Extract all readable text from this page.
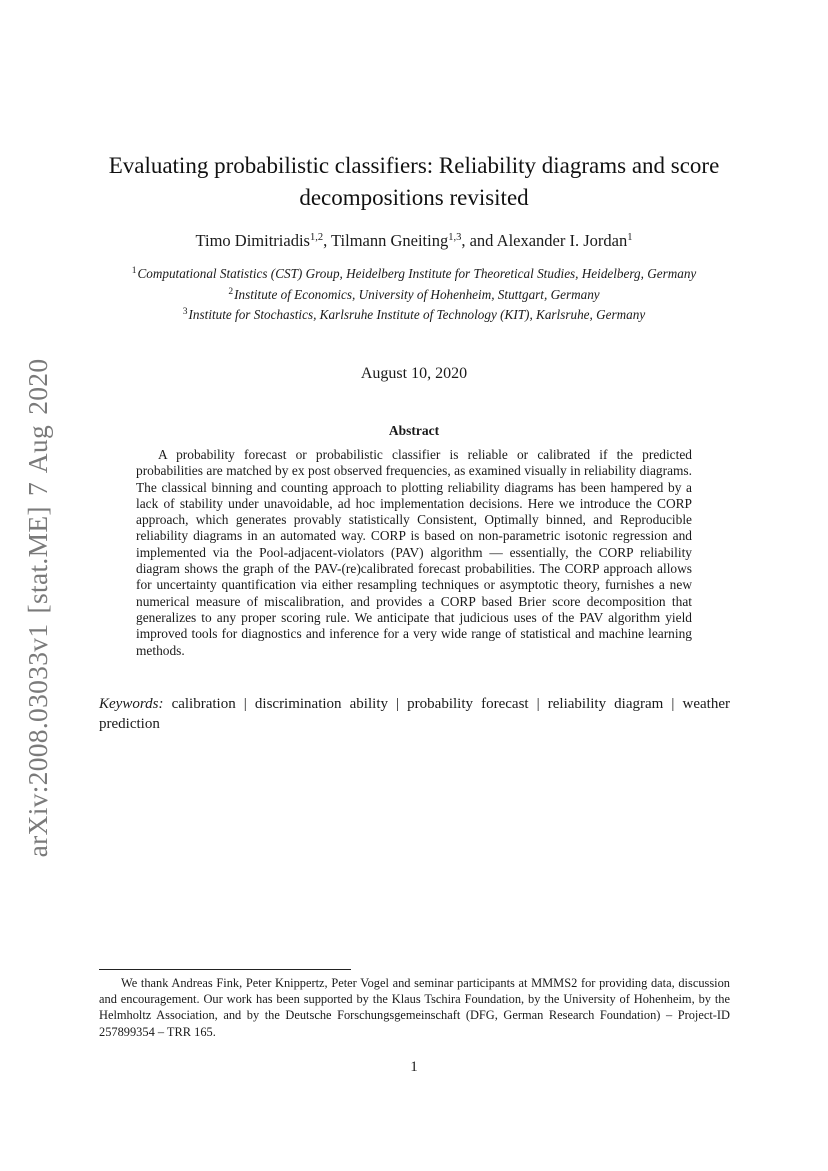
arXiv:2008.03033v1 [stat.ME] 7 Aug 2020
Evaluating probabilistic classifiers: Reliability diagrams and score
decompositions revisited
Timo Dimitriadis$^{1,2}$, Tilmann Gneiting$^{1,3}$, and Alexander I. Jordan$^1$
$^1$Computational Statistics (CST) Group, Heidelberg Institute for Theoretical Studies, Heidelberg, Germany
$^2$Institute of Economics, University of Hohenheim, Stuttgart, Germany
$^3$Institute for Stochastics, Karlsruhe Institute of Technology (KIT), Karlsruhe, Germany
August 10, 2020
Abstract
A probability forecast or probabilistic classifier is reliable or calibrated if the predicted probabilities are matched by ex post observed frequencies, as examined visually in reliability diagrams. The classical binning and counting approach to plotting reliability diagrams has been hampered by a lack of stability under unavoidable, ad hoc implementation decisions. Here we introduce the CORP approach, which generates provably statistically Consistent, Optimally binned, and Reproducible reliability diagrams in an automated way. CORP is based on non-parametric isotonic regression and implemented via the Pool-adjacent-violators (PAV) algorithm — essentially, the CORP reliability diagram shows the graph of the PAV-(re)calibrated forecast probabilities. The CORP approach allows for uncertainty quantification via either resampling techniques or asymptotic theory, furnishes a new numerical measure of miscalibration, and provides a CORP based Brier score decomposition that generalizes to any proper scoring rule. We anticipate that judicious uses of the PAV algorithm yield improved tools for diagnostics and inference for a very wide range of statistical and machine learning methods.
Keywords: calibration | discrimination ability | probability forecast | reliability diagram | weather prediction
We thank Andreas Fink, Peter Knippertz, Peter Vogel and seminar participants at MMMS2 for providing data, discussion and encouragement. Our work has been supported by the Klaus Tschira Foundation, by the University of Hohenheim, by the Helmholtz Association, and by the Deutsche Forschungsgemeinschaft (DFG, German Research Foundation) – Project-ID 257899354 – TRR 165.
1
